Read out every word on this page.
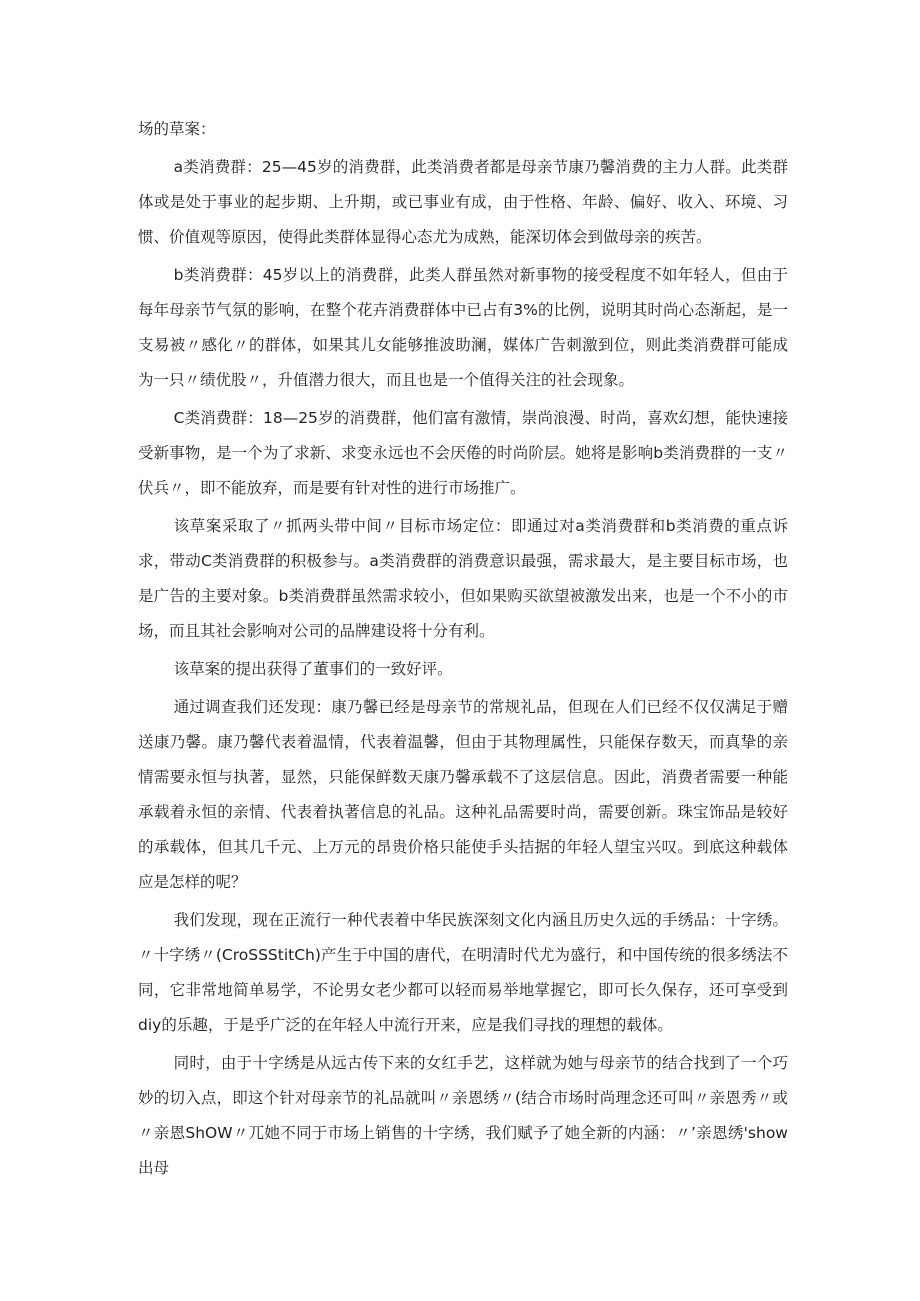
场的草案：

a类消费群：25—45岁的消费群，此类消费者都是母亲节康乃馨消费的主力人群。此类群体或是处于事业的起步期、上升期，或已事业有成，由于性格、年龄、偏好、收入、环境、习惯、价值观等原因，使得此类群体显得心态尤为成熟，能深切体会到做母亲的疾苦。

b类消费群：45岁以上的消费群，此类人群虽然对新事物的接受程度不如年轻人，但由于每年母亲节气氛的影响，在整个花卉消费群体中已占有3%的比例，说明其时尚心态渐起，是一支易被〃感化〃的群体，如果其儿女能够推波助澜，媒体广告刺激到位，则此类消费群可能成为一只〃绩优股〃，升值潜力很大，而且也是一个值得关注的社会现象。

C类消费群：18—25岁的消费群，他们富有激情，崇尚浪漫、时尚，喜欢幻想，能快速接受新事物，是一个为了求新、求变永远也不会厌倦的时尚阶层。她将是影响b类消费群的一支〃伏兵〃，即不能放弃，而是要有针对性的进行市场推广。

该草案采取了〃抓两头带中间〃目标市场定位：即通过对a类消费群和b类消费的重点诉求，带动C类消费群的积极参与。a类消费群的消费意识最强，需求最大，是主要目标市场，也是广告的主要对象。b类消费群虽然需求较小，但如果购买欲望被激发出来，也是一个不小的市场，而且其社会影响对公司的品牌建设将十分有利。

该草案的提出获得了董事们的一致好评。

通过调查我们还发现：康乃馨已经是母亲节的常规礼品，但现在人们已经不仅仅满足于赠送康乃馨。康乃馨代表着温情，代表着温馨，但由于其物理属性，只能保存数天，而真挚的亲情需要永恒与执著，显然，只能保鲜数天康乃馨承载不了这层信息。因此，消费者需要一种能承载着永恒的亲情、代表着执著信息的礼品。这种礼品需要时尚，需要创新。珠宝饰品是较好的承载体，但其几千元、上万元的昂贵价格只能使手头拮据的年轻人望宝兴叹。到底这种载体应是怎样的呢？

我们发现，现在正流行一种代表着中华民族深刻文化内涵且历史久远的手绣品：十字绣。〃十字绣〃(CroSSStitCh)产生于中国的唐代，在明清时代尤为盛行，和中国传统的很多绣法不同，它非常地简单易学，不论男女老少都可以轻而易举地掌握它，即可长久保存，还可享受到diy的乐趣，于是乎广泛的在年轻人中流行开来，应是我们寻找的理想的载体。

同时，由于十字绣是从远古传下来的女红手艺，这样就为她与母亲节的结合找到了一个巧妙的切入点，即这个针对母亲节的礼品就叫〃亲恩绣〃(结合市场时尚理念还可叫〃亲恩秀〃或〃亲恩ShOW〃兀她不同于市场上销售的十字绣，我们赋予了她全新的内涵：〃’亲恩绣'show出母
